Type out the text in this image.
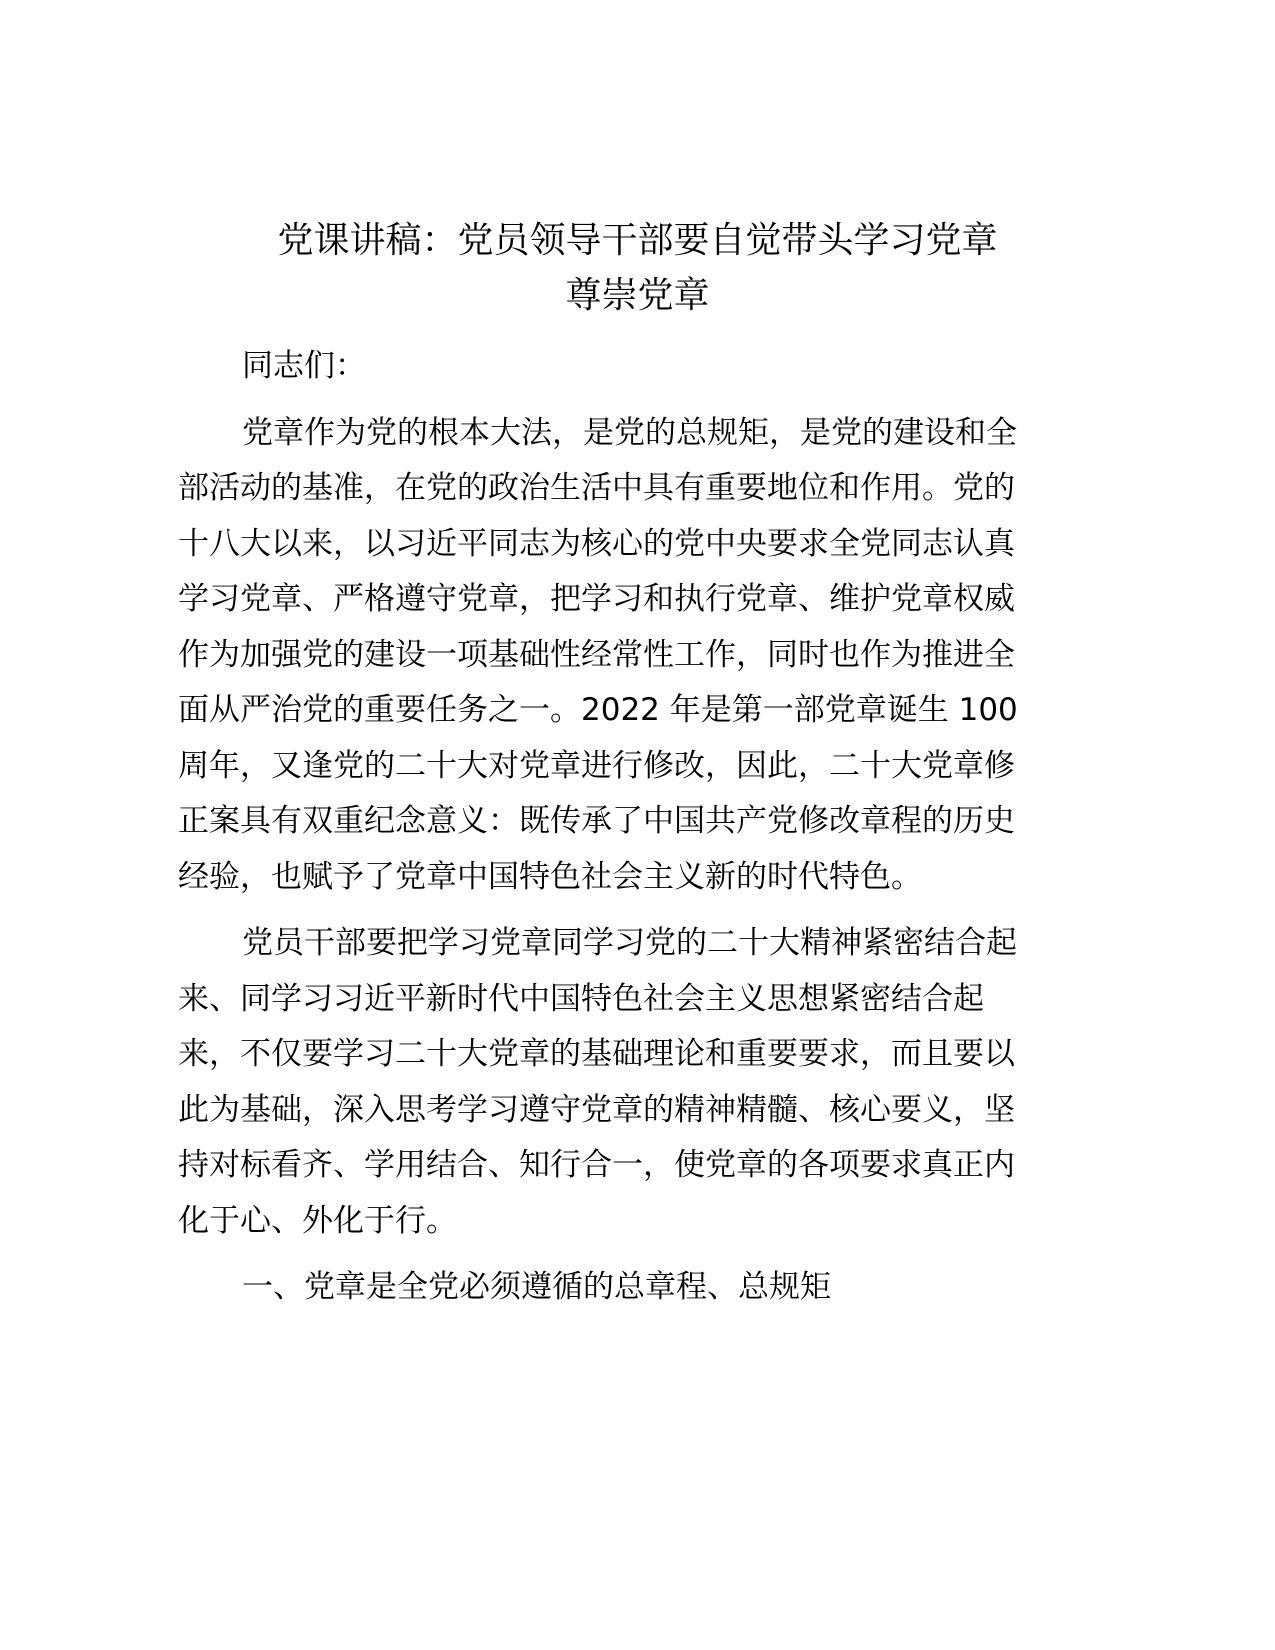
党课讲稿：党员领导干部要自觉带头学习党章
尊崇党章

同志们：

党章作为党的根本大法，是党的总规矩，是党的建设和全
部活动的基准，在党的政治生活中具有重要地位和作用。党的
十八大以来，以习近平同志为核心的党中央要求全党同志认真
学习党章、严格遵守党章，把学习和执行党章、维护党章权威
作为加强党的建设一项基础性经常性工作，同时也作为推进全
面从严治党的重要任务之一。2022 年是第一部党章诞生 100
周年，又逢党的二十大对党章进行修改，因此，二十大党章修
正案具有双重纪念意义：既传承了中国共产党修改章程的历史
经验，也赋予了党章中国特色社会主义新的时代特色。

党员干部要把学习党章同学习党的二十大精神紧密结合起
来、同学习习近平新时代中国特色社会主义思想紧密结合起
来，不仅要学习二十大党章的基础理论和重要要求，而且要以
此为基础，深入思考学习遵守党章的精神精髓、核心要义，坚
持对标看齐、学用结合、知行合一，使党章的各项要求真正内
化于心、外化于行。

一、党章是全党必须遵循的总章程、总规矩
